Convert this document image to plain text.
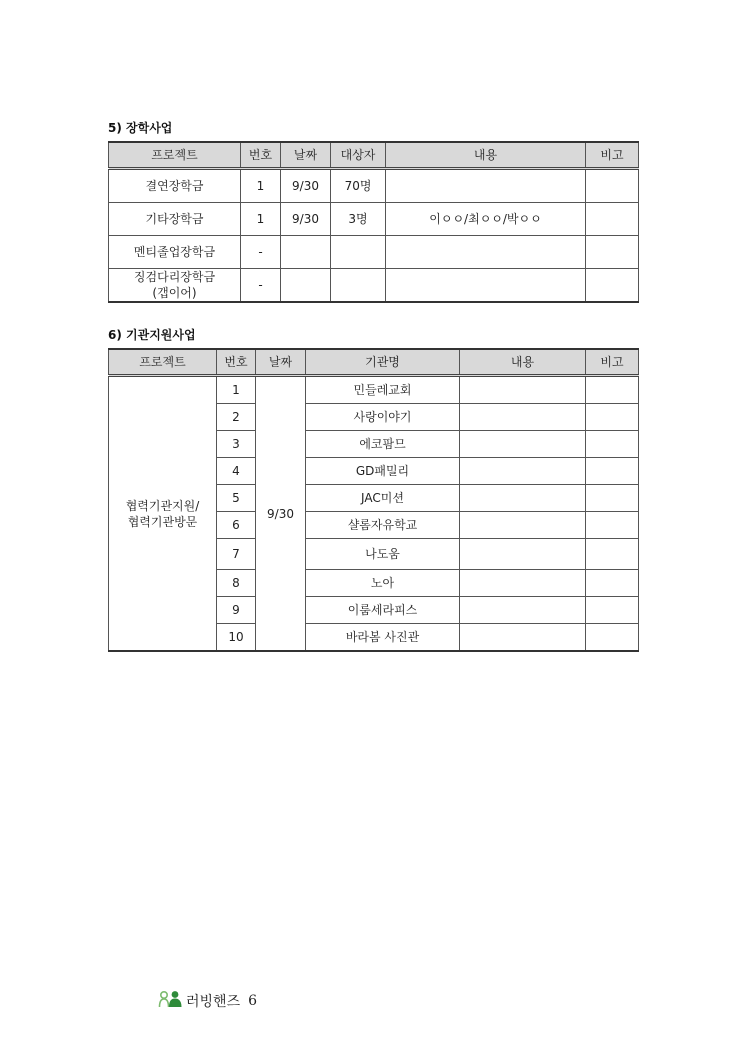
5) 장학사업
프로젝트	번호	날짜	대상자	내용	비고
결연장학금	1	9/30	70명		
기타장학금	1	9/30	3명	이ㅇㅇ/최ㅇㅇ/박ㅇㅇ	
멘티졸업장학금	-				

징검다리장학금
(갭이어)	-				
6) 기관지원사업
프로젝트	번호	날짜	기관명	내용	비고

협력기관지원/
협력기관방문	1	9/30	민들레교회		
	2		사랑이야기		
	3		에코팜므		
	4		GD패밀리		
	5		JAC미션		
	6		샬롬자유학교		
	7		나도움		
	8		노아		
	9		이룸세라피스		
	10		바라봄 사진관		
러빙핸즈 6
